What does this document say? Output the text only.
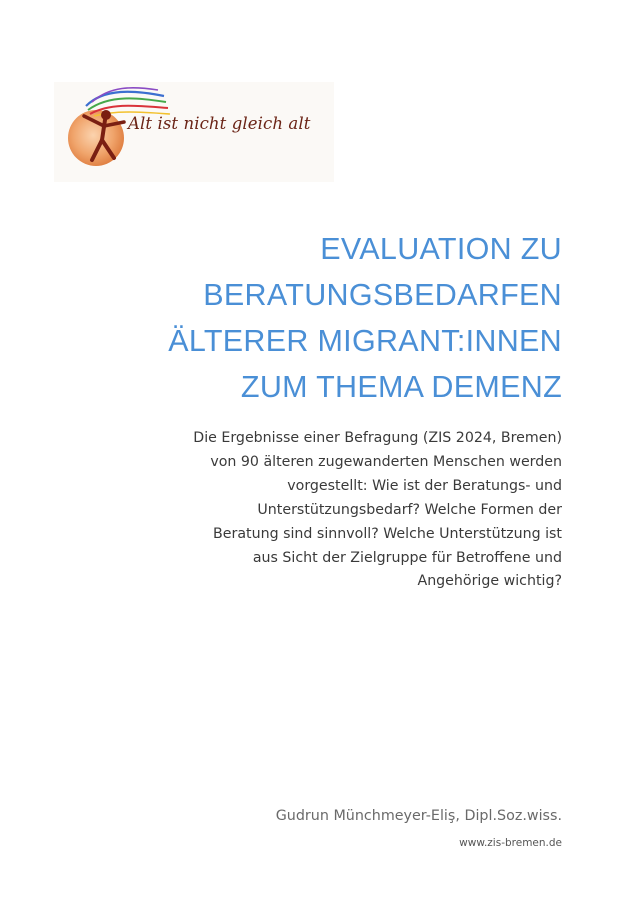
Alt ist nicht gleich alt
EVALUATION ZU
BERATUNGSBEDARFEN
ÄLTERER MIGRANT:INNEN
ZUM THEMA DEMENZ
Die Ergebnisse einer Befragung (ZIS 2024, Bremen)
von 90 älteren zugewanderten Menschen werden
vorgestellt: Wie ist der Beratungs- und
Unterstützungsbedarf? Welche Formen der
Beratung sind sinnvoll? Welche Unterstützung ist
aus Sicht der Zielgruppe für Betroffene und
Angehörige wichtig?
Gudrun Münchmeyer-Eliş, Dipl.Soz.wiss.
www.zis-bremen.de
